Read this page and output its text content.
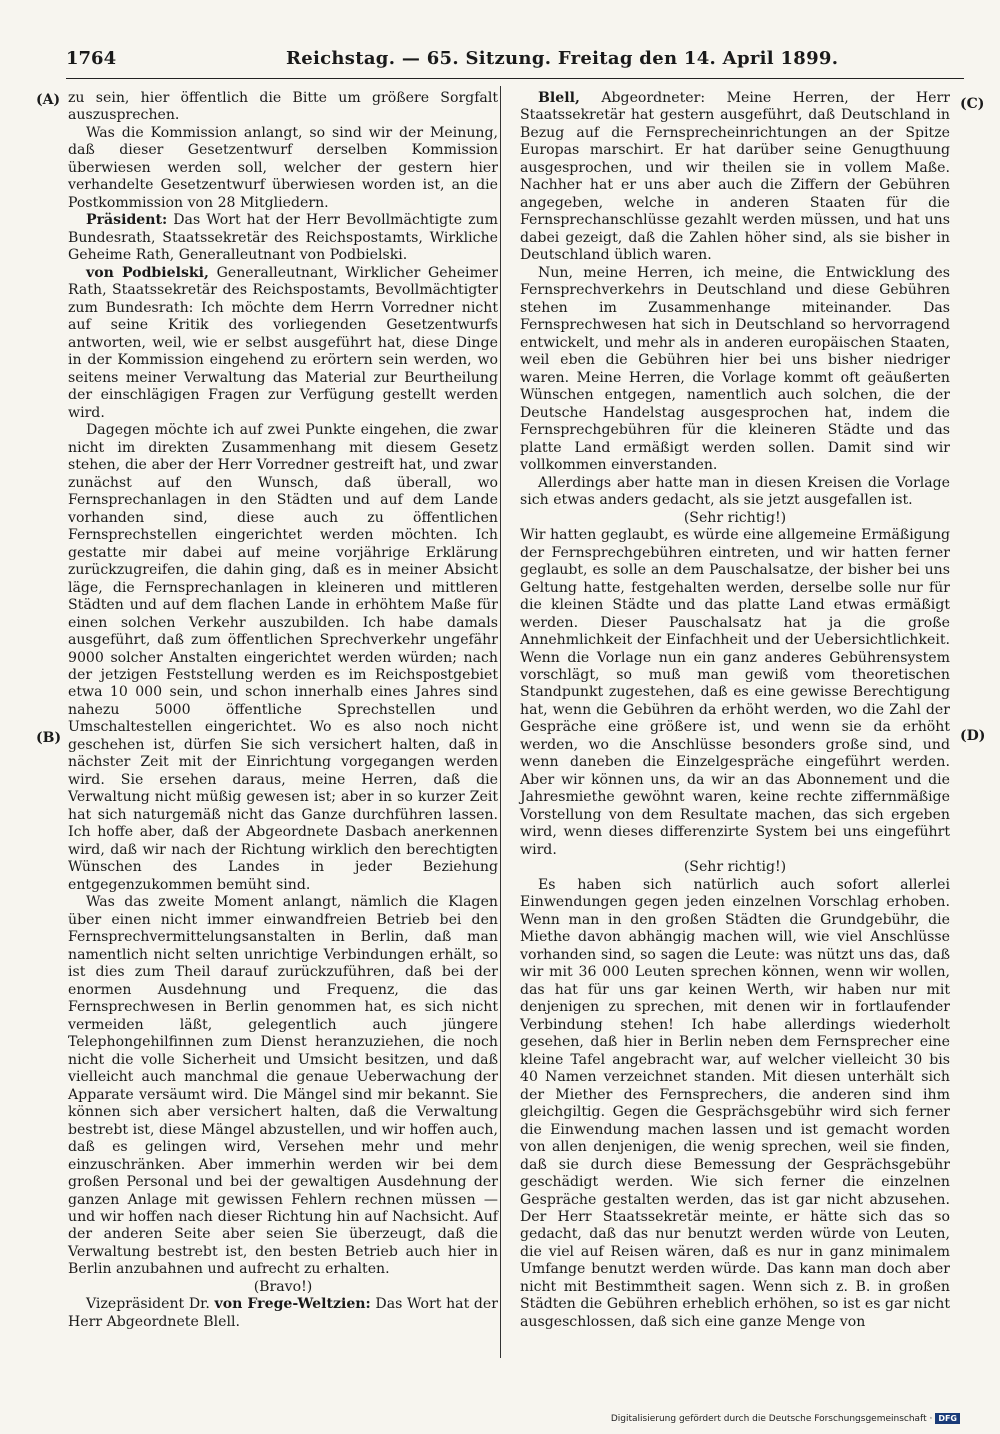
1764	Reichstag. — 65. Sitzung. Freitag den 14. April 1899.
(A)
(B)
(C)
(D)

zu sein, hier öffentlich die Bitte um größere Sorgfalt auszusprechen.

Was die Kommission anlangt, so sind wir der Meinung, daß dieser Gesetzentwurf derselben Kommission überwiesen werden soll, welcher der gestern hier verhandelte Gesetzentwurf überwiesen worden ist, an die Postkommission von 28 Mitgliedern.

Präsident: Das Wort hat der Herr Bevollmächtigte zum Bundesrath, Staatssekretär des Reichspostamts, Wirkliche Geheime Rath, Generalleutnant von Podbielski.

von Podbielski, Generalleutnant, Wirklicher Geheimer Rath, Staatssekretär des Reichspostamts, Bevollmächtigter zum Bundesrath: Ich möchte dem Herrn Vorredner nicht auf seine Kritik des vorliegenden Gesetzentwurfs antworten, weil, wie er selbst ausgeführt hat, diese Dinge in der Kommission eingehend zu erörtern sein werden, wo seitens meiner Verwaltung das Material zur Beurtheilung der einschlägigen Fragen zur Verfügung gestellt werden wird.

Dagegen möchte ich auf zwei Punkte eingehen, die zwar nicht im direkten Zusammenhang mit diesem Gesetz stehen, die aber der Herr Vorredner gestreift hat, und zwar zunächst auf den Wunsch, daß überall, wo Fernsprechanlagen in den Städten und auf dem Lande vorhanden sind, diese auch zu öffentlichen Fernsprechstellen eingerichtet werden möchten. Ich gestatte mir dabei auf meine vorjährige Erklärung zurückzugreifen, die dahin ging, daß es in meiner Absicht läge, die Fernsprechanlagen in kleineren und mittleren Städten und auf dem flachen Lande in erhöhtem Maße für einen solchen Verkehr auszubilden. Ich habe damals ausgeführt, daß zum öffentlichen Sprechverkehr ungefähr 9000 solcher Anstalten eingerichtet werden würden; nach der jetzigen Feststellung werden es im Reichspostgebiet etwa 10 000 sein, und schon innerhalb eines Jahres sind nahezu 5000 öffentliche Sprechstellen und Umschaltestellen eingerichtet. Wo es also noch nicht geschehen ist, dürfen Sie sich versichert halten, daß in nächster Zeit mit der Einrichtung vorgegangen werden wird. Sie ersehen daraus, meine Herren, daß die Verwaltung nicht müßig gewesen ist; aber in so kurzer Zeit hat sich naturgemäß nicht das Ganze durchführen lassen. Ich hoffe aber, daß der Abgeordnete Dasbach anerkennen wird, daß wir nach der Richtung wirklich den berechtigten Wünschen des Landes in jeder Beziehung entgegenzukommen bemüht sind.

Was das zweite Moment anlangt, nämlich die Klagen über einen nicht immer einwandfreien Betrieb bei den Fernsprechvermittelungsanstalten in Berlin, daß man namentlich nicht selten unrichtige Verbindungen erhält, so ist dies zum Theil darauf zurückzuführen, daß bei der enormen Ausdehnung und Frequenz, die das Fernsprechwesen in Berlin genommen hat, es sich nicht vermeiden läßt, gelegentlich auch jüngere Telephongehilfinnen zum Dienst heranzuziehen, die noch nicht die volle Sicherheit und Umsicht besitzen, und daß vielleicht auch manchmal die genaue Ueberwachung der Apparate versäumt wird. Die Mängel sind mir bekannt. Sie können sich aber versichert halten, daß die Verwaltung bestrebt ist, diese Mängel abzustellen, und wir hoffen auch, daß es gelingen wird, Versehen mehr und mehr einzuschränken. Aber immerhin werden wir bei dem großen Personal und bei der gewaltigen Ausdehnung der ganzen Anlage mit gewissen Fehlern rechnen müssen — und wir hoffen nach dieser Richtung hin auf Nachsicht. Auf der anderen Seite aber seien Sie überzeugt, daß die Verwaltung bestrebt ist, den besten Betrieb auch hier in Berlin anzubahnen und aufrecht zu erhalten.

(Bravo!)

Vizepräsident Dr. von Frege-Weltzien: Das Wort hat der Herr Abgeordnete Blell.

Blell, Abgeordneter: Meine Herren, der Herr Staatssekretär hat gestern ausgeführt, daß Deutschland in Bezug auf die Fernsprecheinrichtungen an der Spitze Europas marschirt. Er hat darüber seine Genugthuung ausgesprochen, und wir theilen sie in vollem Maße. Nachher hat er uns aber auch die Ziffern der Gebühren angegeben, welche in anderen Staaten für die Fernsprechanschlüsse gezahlt werden müssen, und hat uns dabei gezeigt, daß die Zahlen höher sind, als sie bisher in Deutschland üblich waren.

Nun, meine Herren, ich meine, die Entwicklung des Fernsprechverkehrs in Deutschland und diese Gebühren stehen im Zusammenhange miteinander. Das Fernsprechwesen hat sich in Deutschland so hervorragend entwickelt, und mehr als in anderen europäischen Staaten, weil eben die Gebühren hier bei uns bisher niedriger waren. Meine Herren, die Vorlage kommt oft geäußerten Wünschen entgegen, namentlich auch solchen, die der Deutsche Handelstag ausgesprochen hat, indem die Fernsprechgebühren für die kleineren Städte und das platte Land ermäßigt werden sollen. Damit sind wir vollkommen einverstanden.

Allerdings aber hatte man in diesen Kreisen die Vorlage sich etwas anders gedacht, als sie jetzt ausgefallen ist.

(Sehr richtig!)

Wir hatten geglaubt, es würde eine allgemeine Ermäßigung der Fernsprechgebühren eintreten, und wir hatten ferner geglaubt, es solle an dem Pauschalsatze, der bisher bei uns Geltung hatte, festgehalten werden, derselbe solle nur für die kleinen Städte und das platte Land etwas ermäßigt werden. Dieser Pauschalsatz hat ja die große Annehmlichkeit der Einfachheit und der Uebersichtlichkeit. Wenn die Vorlage nun ein ganz anderes Gebührensystem vorschlägt, so muß man gewiß vom theoretischen Standpunkt zugestehen, daß es eine gewisse Berechtigung hat, wenn die Gebühren da erhöht werden, wo die Zahl der Gespräche eine größere ist, und wenn sie da erhöht werden, wo die Anschlüsse besonders große sind, und wenn daneben die Einzelgespräche eingeführt werden. Aber wir können uns, da wir an das Abonnement und die Jahresmiethe gewöhnt waren, keine rechte ziffernmäßige Vorstellung von dem Resultate machen, das sich ergeben wird, wenn dieses differenzirte System bei uns eingeführt wird.

(Sehr richtig!)

Es haben sich natürlich auch sofort allerlei Einwendungen gegen jeden einzelnen Vorschlag erhoben. Wenn man in den großen Städten die Grundgebühr, die Miethe davon abhängig machen will, wie viel Anschlüsse vorhanden sind, so sagen die Leute: was nützt uns das, daß wir mit 36 000 Leuten sprechen können, wenn wir wollen, das hat für uns gar keinen Werth, wir haben nur mit denjenigen zu sprechen, mit denen wir in fortlaufender Verbindung stehen! Ich habe allerdings wiederholt gesehen, daß hier in Berlin neben dem Fernsprecher eine kleine Tafel angebracht war, auf welcher vielleicht 30 bis 40 Namen verzeichnet standen. Mit diesen unterhält sich der Miether des Fernsprechers, die anderen sind ihm gleichgiltig. Gegen die Gesprächsgebühr wird sich ferner die Einwendung machen lassen und ist gemacht worden von allen denjenigen, die wenig sprechen, weil sie finden, daß sie durch diese Bemessung der Gesprächsgebühr geschädigt werden. Wie sich ferner die einzelnen Gespräche gestalten werden, das ist gar nicht abzusehen. Der Herr Staatssekretär meinte, er hätte sich das so gedacht, daß das nur benutzt werden würde von Leuten, die viel auf Reisen wären, daß es nur in ganz minimalem Umfange benutzt werden würde. Das kann man doch aber nicht mit Bestimmtheit sagen. Wenn sich z. B. in großen Städten die Gebühren erheblich erhöhen, so ist es gar nicht ausgeschlossen, daß sich eine ganze Menge von

Digitalisierung gefördert durch die Deutsche Forschungsgemeinschaft · DFG
